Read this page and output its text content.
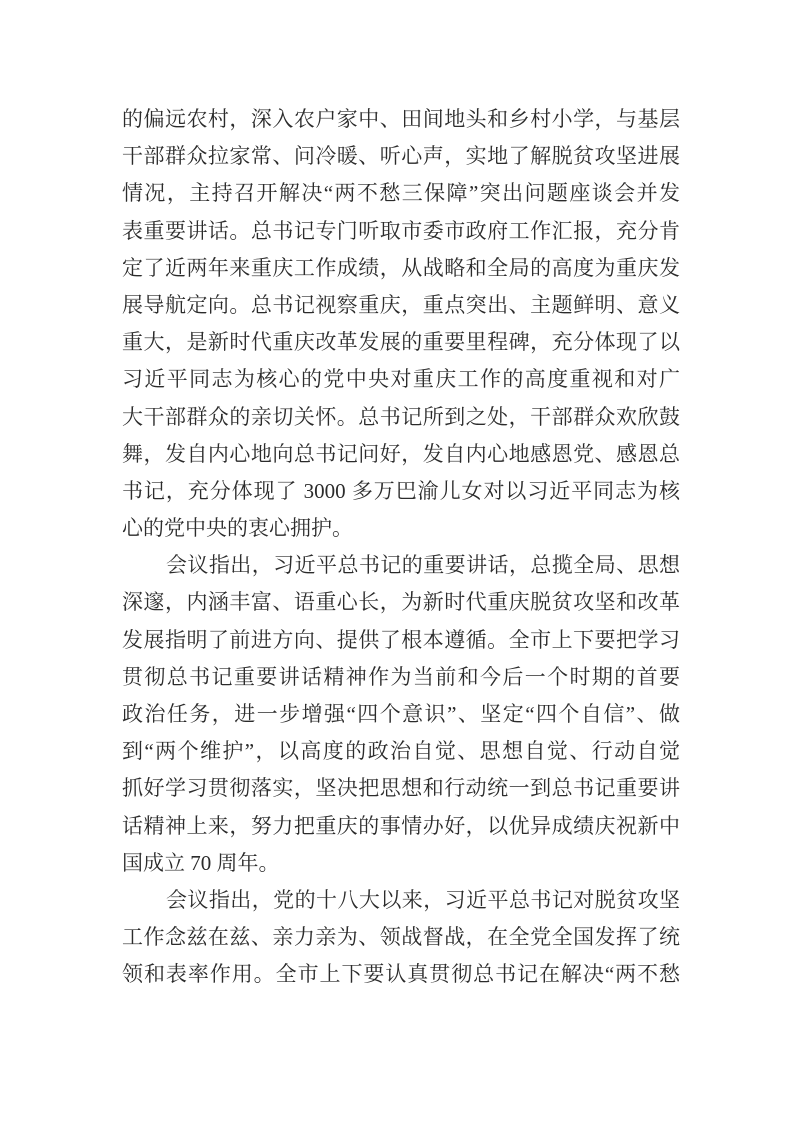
的偏远农村，深入农户家中、田间地头和乡村小学，与基层
干部群众拉家常、问冷暖、听心声，实地了解脱贫攻坚进展
情况，主持召开解决“两不愁三保障”突出问题座谈会并发
表重要讲话。总书记专门听取市委市政府工作汇报，充分肯
定了近两年来重庆工作成绩，从战略和全局的高度为重庆发
展导航定向。总书记视察重庆，重点突出、主题鲜明、意义
重大，是新时代重庆改革发展的重要里程碑，充分体现了以
习近平同志为核心的党中央对重庆工作的高度重视和对广
大干部群众的亲切关怀。总书记所到之处，干部群众欢欣鼓
舞，发自内心地向总书记问好，发自内心地感恩党、感恩总
书记，充分体现了 3000 多万巴渝儿女对以习近平同志为核
心的党中央的衷心拥护。
会议指出，习近平总书记的重要讲话，总揽全局、思想
深邃，内涵丰富、语重心长，为新时代重庆脱贫攻坚和改革
发展指明了前进方向、提供了根本遵循。全市上下要把学习
贯彻总书记重要讲话精神作为当前和今后一个时期的首要
政治任务，进一步增强“四个意识”、坚定“四个自信”、做
到“两个维护”，以高度的政治自觉、思想自觉、行动自觉
抓好学习贯彻落实，坚决把思想和行动统一到总书记重要讲
话精神上来，努力把重庆的事情办好，以优异成绩庆祝新中
国成立 70 周年。
会议指出，党的十八大以来，习近平总书记对脱贫攻坚
工作念兹在兹、亲力亲为、领战督战，在全党全国发挥了统
领和表率作用。全市上下要认真贯彻总书记在解决“两不愁
